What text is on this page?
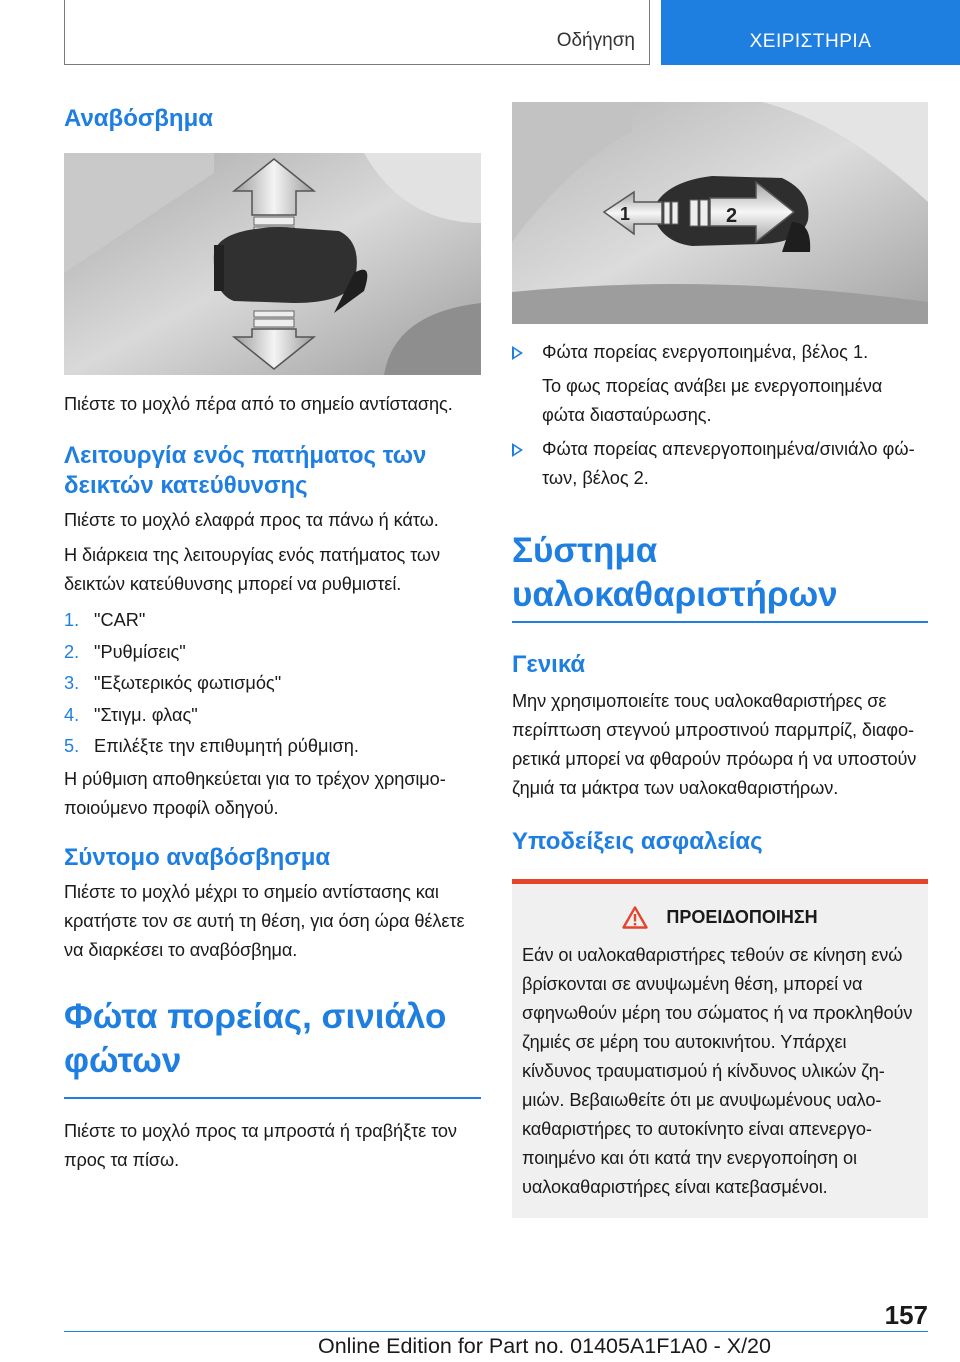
Οδήγηση	ΧΕΙΡΙΣΤΗΡΙΑ
Αναβόσβημα

Πιέστε το μοχλό πέρα από το σημείο αντίστασης.

Λειτουργία ενός πατήματος των δεικτών κατεύθυνσης

Πιέστε το μοχλό ελαφρά προς τα πάνω ή κάτω.

Η διάρκεια της λειτουργίας ενός πατήματος των δεικτών κατεύθυνσης μπορεί να ρυθμιστεί.

1. "CAR"
2. "Ρυθμίσεις"
3. "Εξωτερικός φωτισμός"
4. "Στιγμ. φλας"
5. Επιλέξτε την επιθυμητή ρύθμιση.

Η ρύθμιση αποθηκεύεται για το τρέχον χρησιμοποιούμενο προφίλ οδηγού.

Σύντομο αναβόσβησμα

Πιέστε το μοχλό μέχρι το σημείο αντίστασης και κρατήστε τον σε αυτή τη θέση, για όση ώρα θέλετε να διαρκέσει το αναβόσβημα.

Φώτα πορείας, σινιάλο φώτων

Πιέστε το μοχλό προς τα μπροστά ή τραβήξτε τον προς τα πίσω.

1	2
Φώτα πορείας ενεργοποιημένα, βέλος 1.

Το φως πορείας ανάβει με ενεργοποιημένα φώτα διασταύρωσης.

Φώτα πορείας απενεργοποιημένα/σινιάλο φώτων, βέλος 2.
Σύστημα υαλοκαθαριστήρων
Γενικά

Μην χρησιμοποιείτε τους υαλοκαθαριστήρες σε περίπτωση στεγνού μπροστινού παρμπρίζ, διαφορετικά μπορεί να φθαρούν πρόωρα ή να υποστούν ζημιά τα μάκτρα των υαλοκαθαριστήρων.

Υποδείξεις ασφαλείας
ΠΡΟΕΙΔΟΠΟΙΗΣΗ

Εάν οι υαλοκαθαριστήρες τεθούν σε κίνηση ενώ βρίσκονται σε ανυψωμένη θέση, μπορεί να σφηνωθούν μέρη του σώματος ή να προκληθούν ζημιές σε μέρη του αυτοκινήτου. Υπάρχει κίνδυνος τραυματισμού ή κίνδυνος υλικών ζημιών. Βεβαιωθείτε ότι με ανυψωμένους υαλοκαθαριστήρες το αυτοκίνητο είναι απενεργοποιημένο και ότι κατά την ενεργοποίηση οι υαλοκαθαριστήρες είναι κατεβασμένοι.

157
Online Edition for Part no. 01405A1F1A0 - X/20
